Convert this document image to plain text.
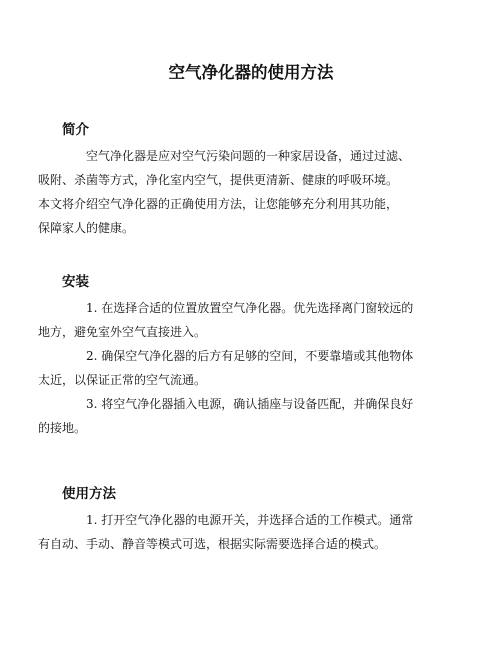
空气净化器的使用方法
简介

空气净化器是应对空气污染问题的一种家居设备，通过过滤、
吸附、杀菌等方式，净化室内空气，提供更清新、健康的呼吸环境。
本文将介绍空气净化器的正确使用方法，让您能够充分利用其功能，
保障家人的健康。

安装

1. 在选择合适的位置放置空气净化器。优先选择离门窗较远的
地方，避免室外空气直接进入。

2. 确保空气净化器的后方有足够的空间，不要靠墙或其他物体
太近，以保证正常的空气流通。

3. 将空气净化器插入电源，确认插座与设备匹配，并确保良好
的接地。

使用方法

1. 打开空气净化器的电源开关，并选择合适的工作模式。通常
有自动、手动、静音等模式可选，根据实际需要选择合适的模式。
